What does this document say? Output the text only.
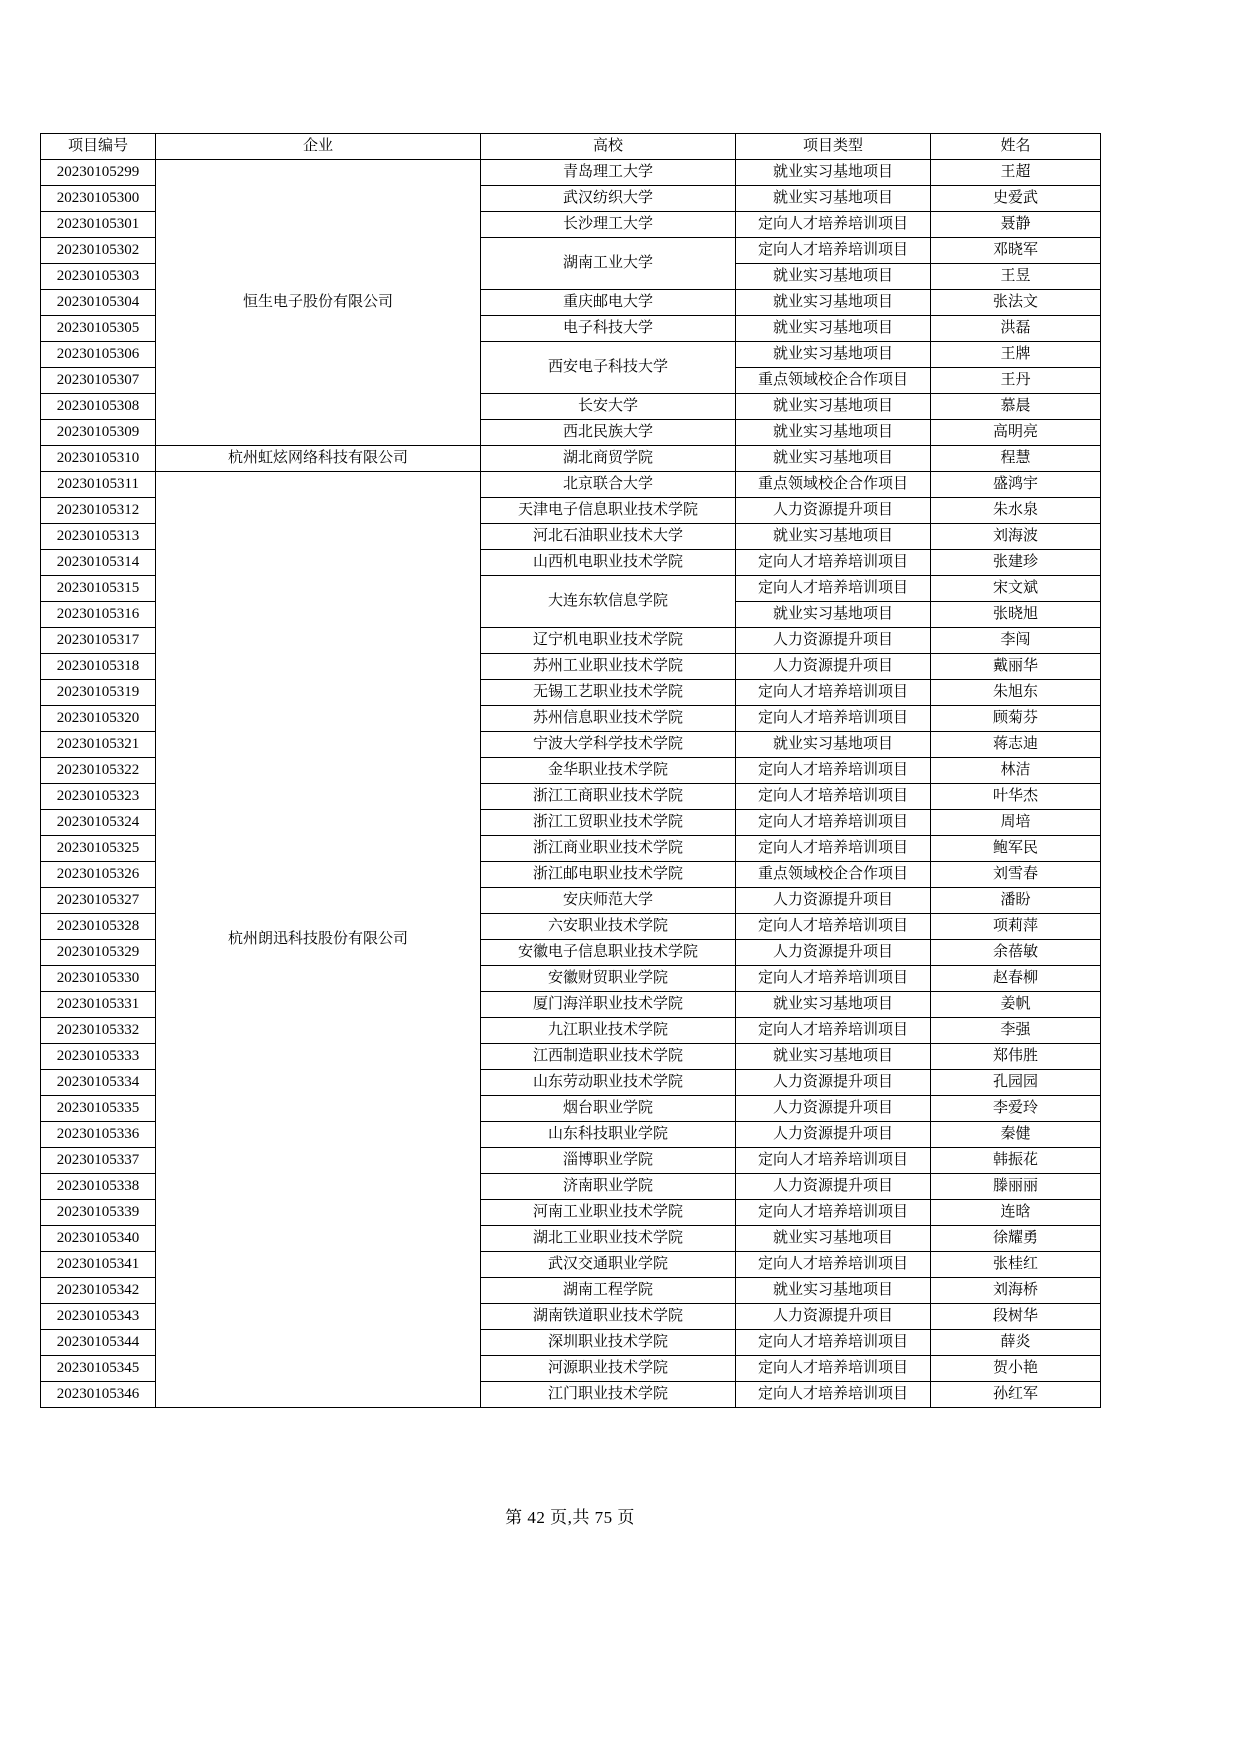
项目编号	企业	高校	项目类型	姓名
20230105299	恒生电子股份有限公司	青岛理工大学	就业实习基地项目	王超
20230105300		武汉纺织大学	就业实习基地项目	史爱武
20230105301		长沙理工大学	定向人才培养培训项目	聂静
20230105302		湖南工业大学	定向人才培养培训项目	邓晓军
20230105303			就业实习基地项目	王昱
20230105304		重庆邮电大学	就业实习基地项目	张法文
20230105305		电子科技大学	就业实习基地项目	洪磊
20230105306		西安电子科技大学	就业实习基地项目	王牌
20230105307			重点领域校企合作项目	王丹
20230105308		长安大学	就业实习基地项目	慕晨
20230105309		西北民族大学	就业实习基地项目	高明亮
20230105310	杭州虹炫网络科技有限公司	湖北商贸学院	就业实习基地项目	程慧
20230105311	杭州朗迅科技股份有限公司	北京联合大学	重点领域校企合作项目	盛鸿宇
20230105312		天津电子信息职业技术学院	人力资源提升项目	朱水泉
20230105313		河北石油职业技术大学	就业实习基地项目	刘海波
20230105314		山西机电职业技术学院	定向人才培养培训项目	张建珍
20230105315		大连东软信息学院	定向人才培养培训项目	宋文斌
20230105316			就业实习基地项目	张晓旭
20230105317		辽宁机电职业技术学院	人力资源提升项目	李闯
20230105318		苏州工业职业技术学院	人力资源提升项目	戴丽华
20230105319		无锡工艺职业技术学院	定向人才培养培训项目	朱旭东
20230105320		苏州信息职业技术学院	定向人才培养培训项目	顾菊芬
20230105321		宁波大学科学技术学院	就业实习基地项目	蒋志迪
20230105322		金华职业技术学院	定向人才培养培训项目	林洁
20230105323		浙江工商职业技术学院	定向人才培养培训项目	叶华杰
20230105324		浙江工贸职业技术学院	定向人才培养培训项目	周培
20230105325		浙江商业职业技术学院	定向人才培养培训项目	鲍军民
20230105326		浙江邮电职业技术学院	重点领域校企合作项目	刘雪春
20230105327		安庆师范大学	人力资源提升项目	潘盼
20230105328		六安职业技术学院	定向人才培养培训项目	项莉萍
20230105329		安徽电子信息职业技术学院	人力资源提升项目	余蓓敏
20230105330		安徽财贸职业学院	定向人才培养培训项目	赵春柳
20230105331		厦门海洋职业技术学院	就业实习基地项目	姜帆
20230105332		九江职业技术学院	定向人才培养培训项目	李强
20230105333		江西制造职业技术学院	就业实习基地项目	郑伟胜
20230105334		山东劳动职业技术学院	人力资源提升项目	孔园园
20230105335		烟台职业学院	人力资源提升项目	李爱玲
20230105336		山东科技职业学院	人力资源提升项目	秦健
20230105337		淄博职业学院	定向人才培养培训项目	韩振花
20230105338		济南职业学院	人力资源提升项目	滕丽丽
20230105339		河南工业职业技术学院	定向人才培养培训项目	连晗
20230105340		湖北工业职业技术学院	就业实习基地项目	徐耀勇
20230105341		武汉交通职业学院	定向人才培养培训项目	张桂红
20230105342		湖南工程学院	就业实习基地项目	刘海桥
20230105343		湖南铁道职业技术学院	人力资源提升项目	段树华
20230105344		深圳职业技术学院	定向人才培养培训项目	薛炎
20230105345		河源职业技术学院	定向人才培养培训项目	贺小艳
20230105346		江门职业技术学院	定向人才培养培训项目	孙红军
第 42 页,共 75 页
